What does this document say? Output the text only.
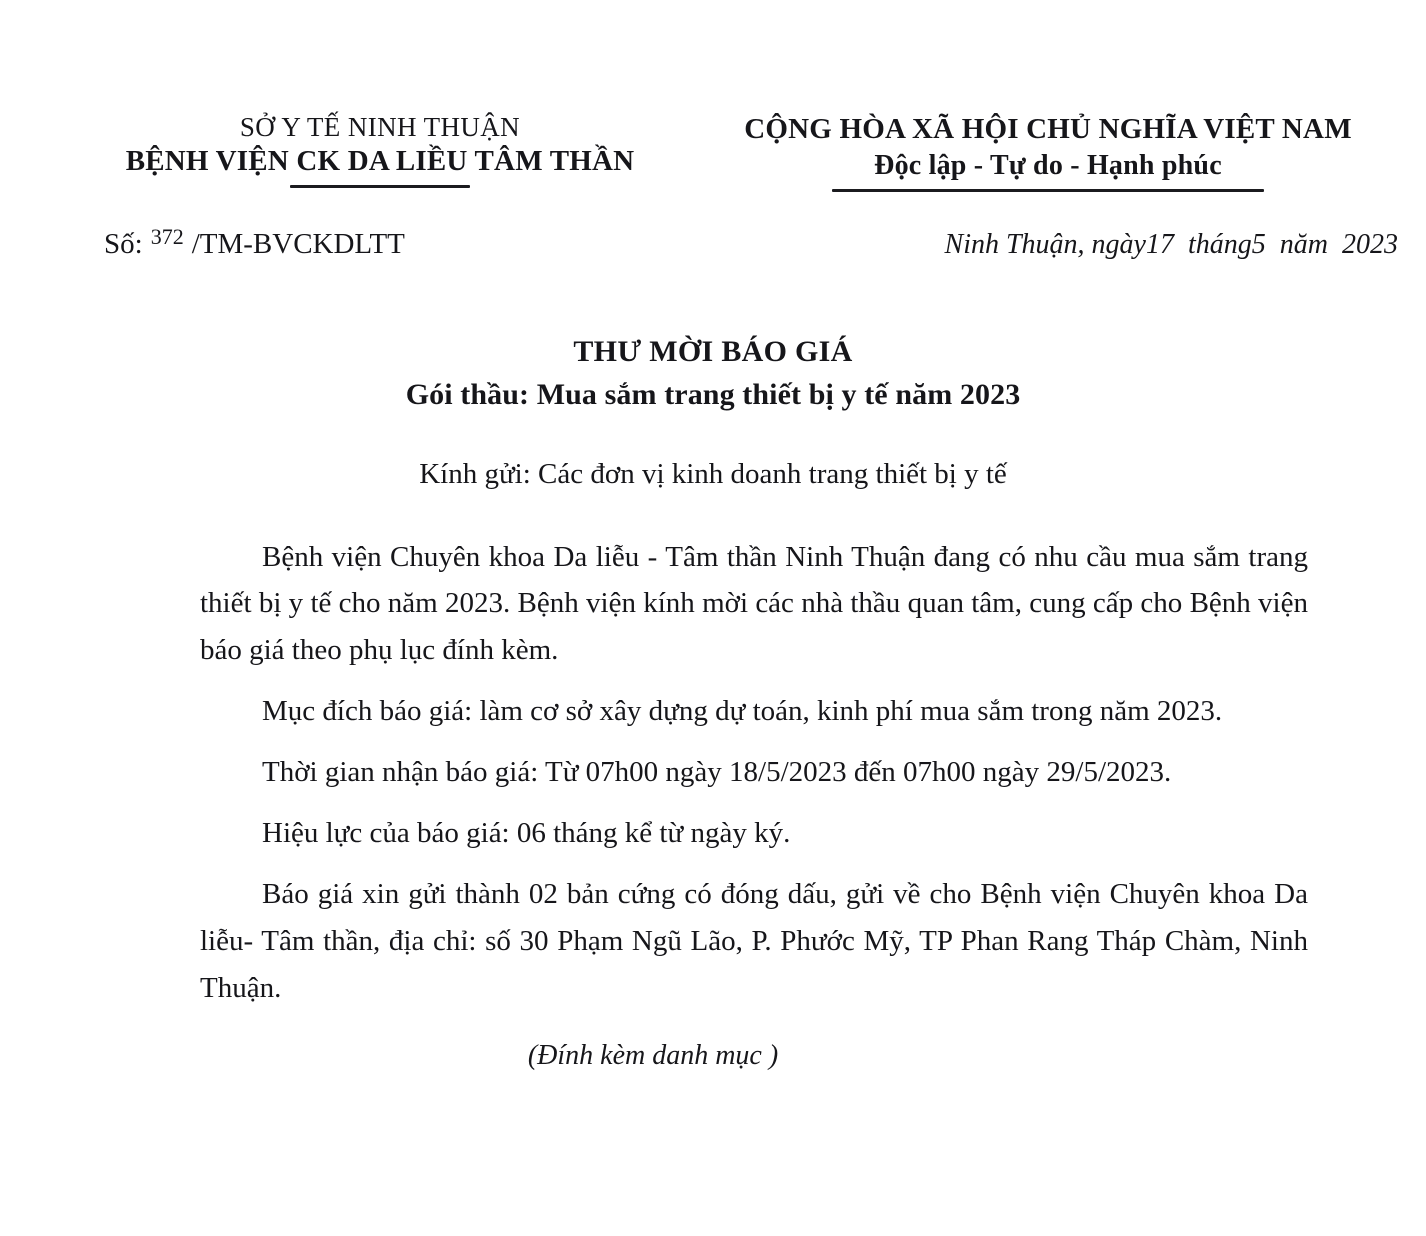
SỞ Y TẾ NINH THUẬN
BỆNH VIỆN CK DA LIỀU TÂM THẦN
CỘNG HÒA XÃ HỘI CHỦ NGHĨA VIỆT NAM
Độc lập - Tự do - Hạnh phúc
Số: $^{372}$ /TM-BVCKDLTT	Ninh Thuận, ngày17 tháng5 năm 2023
THƯ MỜI BÁO GIÁ
Gói thầu: Mua sắm trang thiết bị y tế năm 2023
Kính gửi: Các đơn vị kinh doanh trang thiết bị y tế

Bệnh viện Chuyên khoa Da liễu - Tâm thần Ninh Thuận đang có nhu cầu mua sắm trang thiết bị y tế cho năm 2023. Bệnh viện kính mời các nhà thầu quan tâm, cung cấp cho Bệnh viện báo giá theo phụ lục đính kèm.

Mục đích báo giá: làm cơ sở xây dựng dự toán, kinh phí mua sắm trong năm 2023.

Thời gian nhận báo giá: Từ 07h00 ngày 18/5/2023 đến 07h00 ngày 29/5/2023.

Hiệu lực của báo giá: 06 tháng kể từ ngày ký.

Báo giá xin gửi thành 02 bản cứng có đóng dấu, gửi về cho Bệnh viện Chuyên khoa Da liễu- Tâm thần, địa chỉ: số 30 Phạm Ngũ Lão, P. Phước Mỹ, TP Phan Rang Tháp Chàm, Ninh Thuận.

(Đính kèm danh mục )
